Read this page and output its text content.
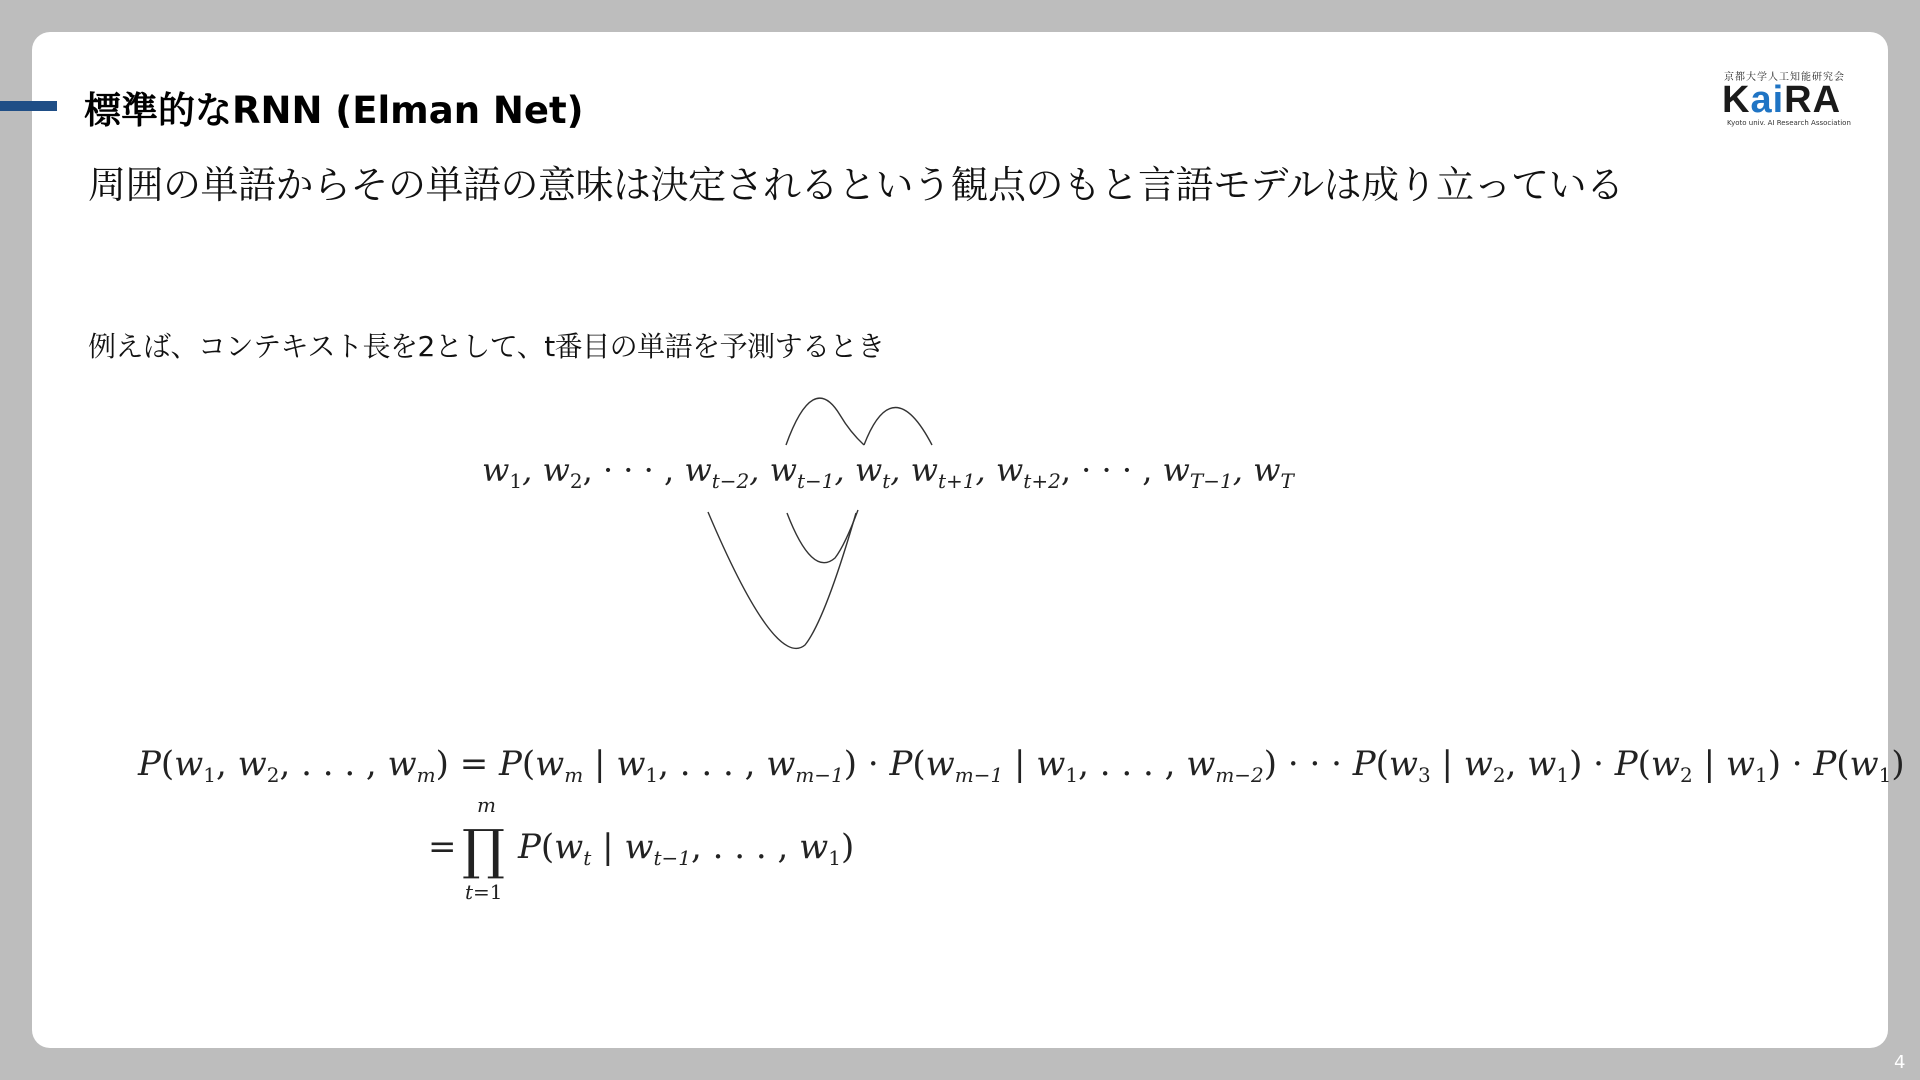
標準的なRNN (Elman Net)
周囲の単語からその単語の意味は決定されるという観点のもと言語モデルは成り立っている
例えば、コンテキスト長を2として、t番目の単語を予測するとき
京都大学人工知能研究会
KaiRA
Kyoto univ. AI Research Association
$w_1$, $w_2$, · · · , $w_{t-2}$, $w_{t-1}$, $w_t$, $w_{t+1}$, $w_{t+2}$, · · · , $w_{T-1}$, $w_T$
$P(w_1$, $w_2$, . . . , $w_m) = P(w_m$ | $w_1$, . . . , $w_{m-1}) \cdot P(w_{m-1}$ | $w_1$, . . . , $w_{m-2}$) · · · $P(w_3$ | $w_2$, $w_1) \cdot P(w_2$ | $w_1) \cdot P(w_1)$
=
m
∏
t=1
$P(w_t$ | $w_{t-1}$, . . . , $w_1$)
4
